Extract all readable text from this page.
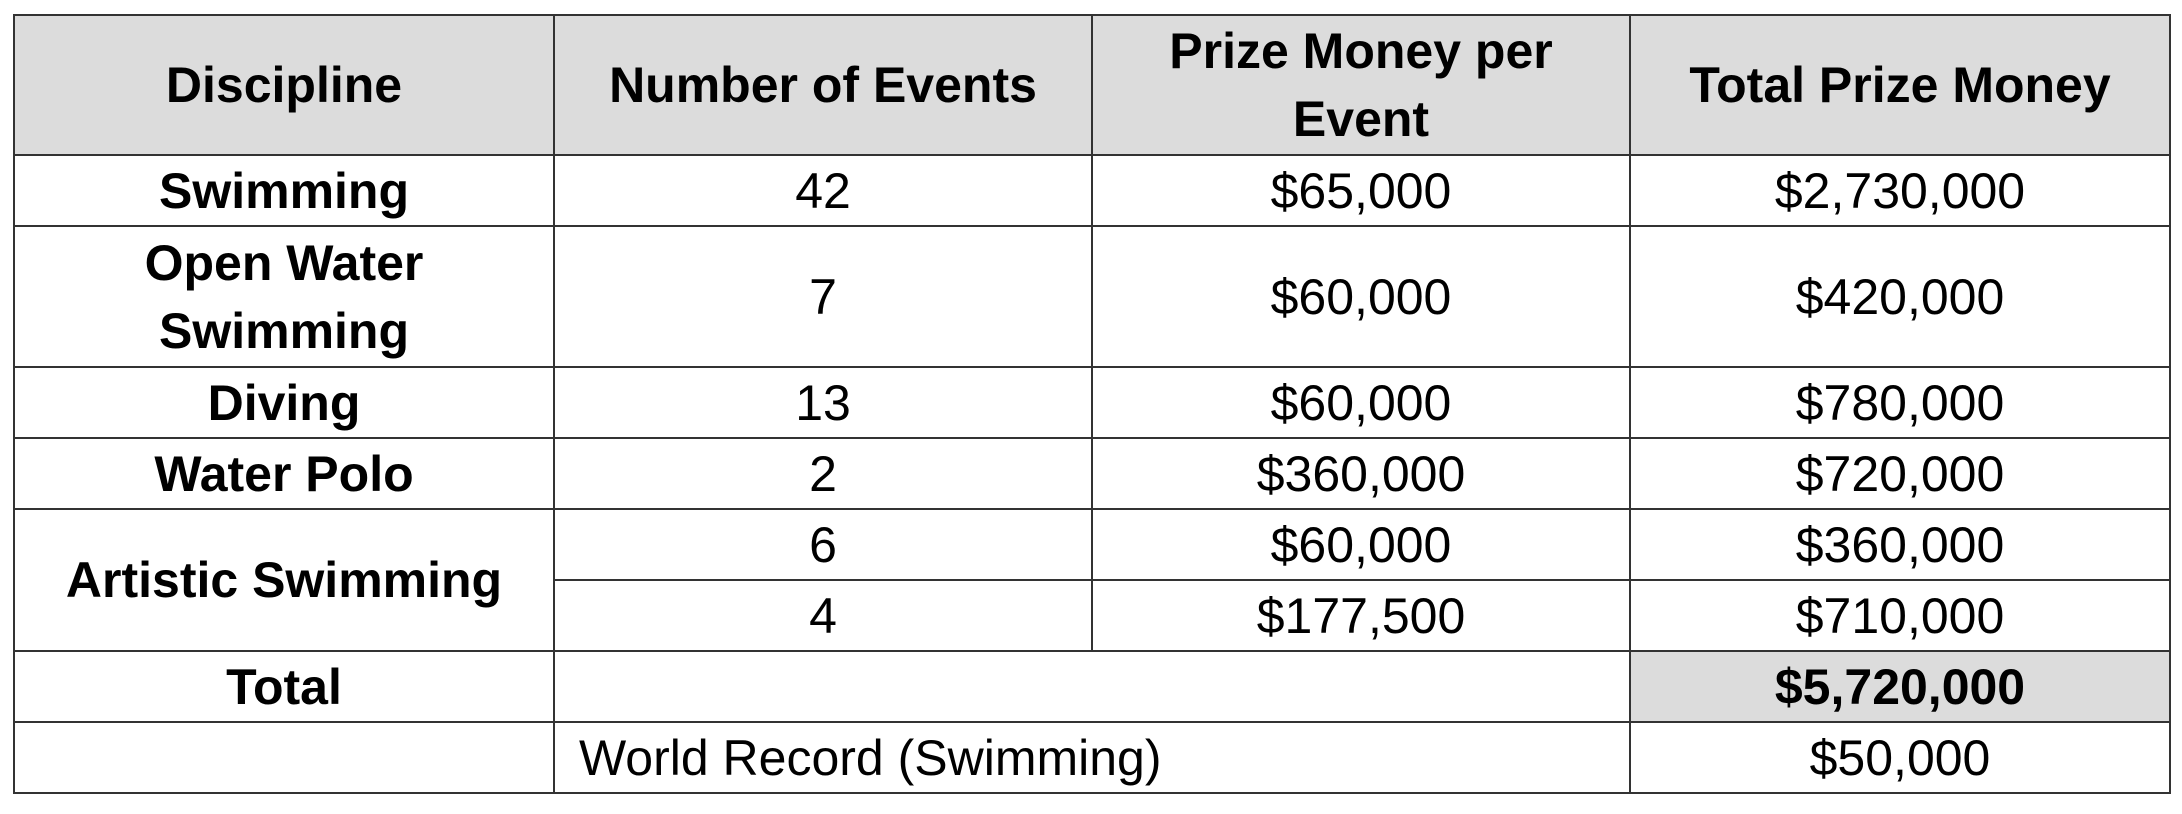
Discipline	Number of Events	Prize Money per Event	Total Prize Money
Swimming	42	$65,000	$2,730,000
Open Water Swimming	7	$60,000	$420,000
Diving	13	$60,000	$780,000
Water Polo	2	$360,000	$720,000
Artistic Swimming	6	$60,000	$360,000
	4	$177,500	$710,000
Total			$5,720,000
	World Record (Swimming)		$50,000
